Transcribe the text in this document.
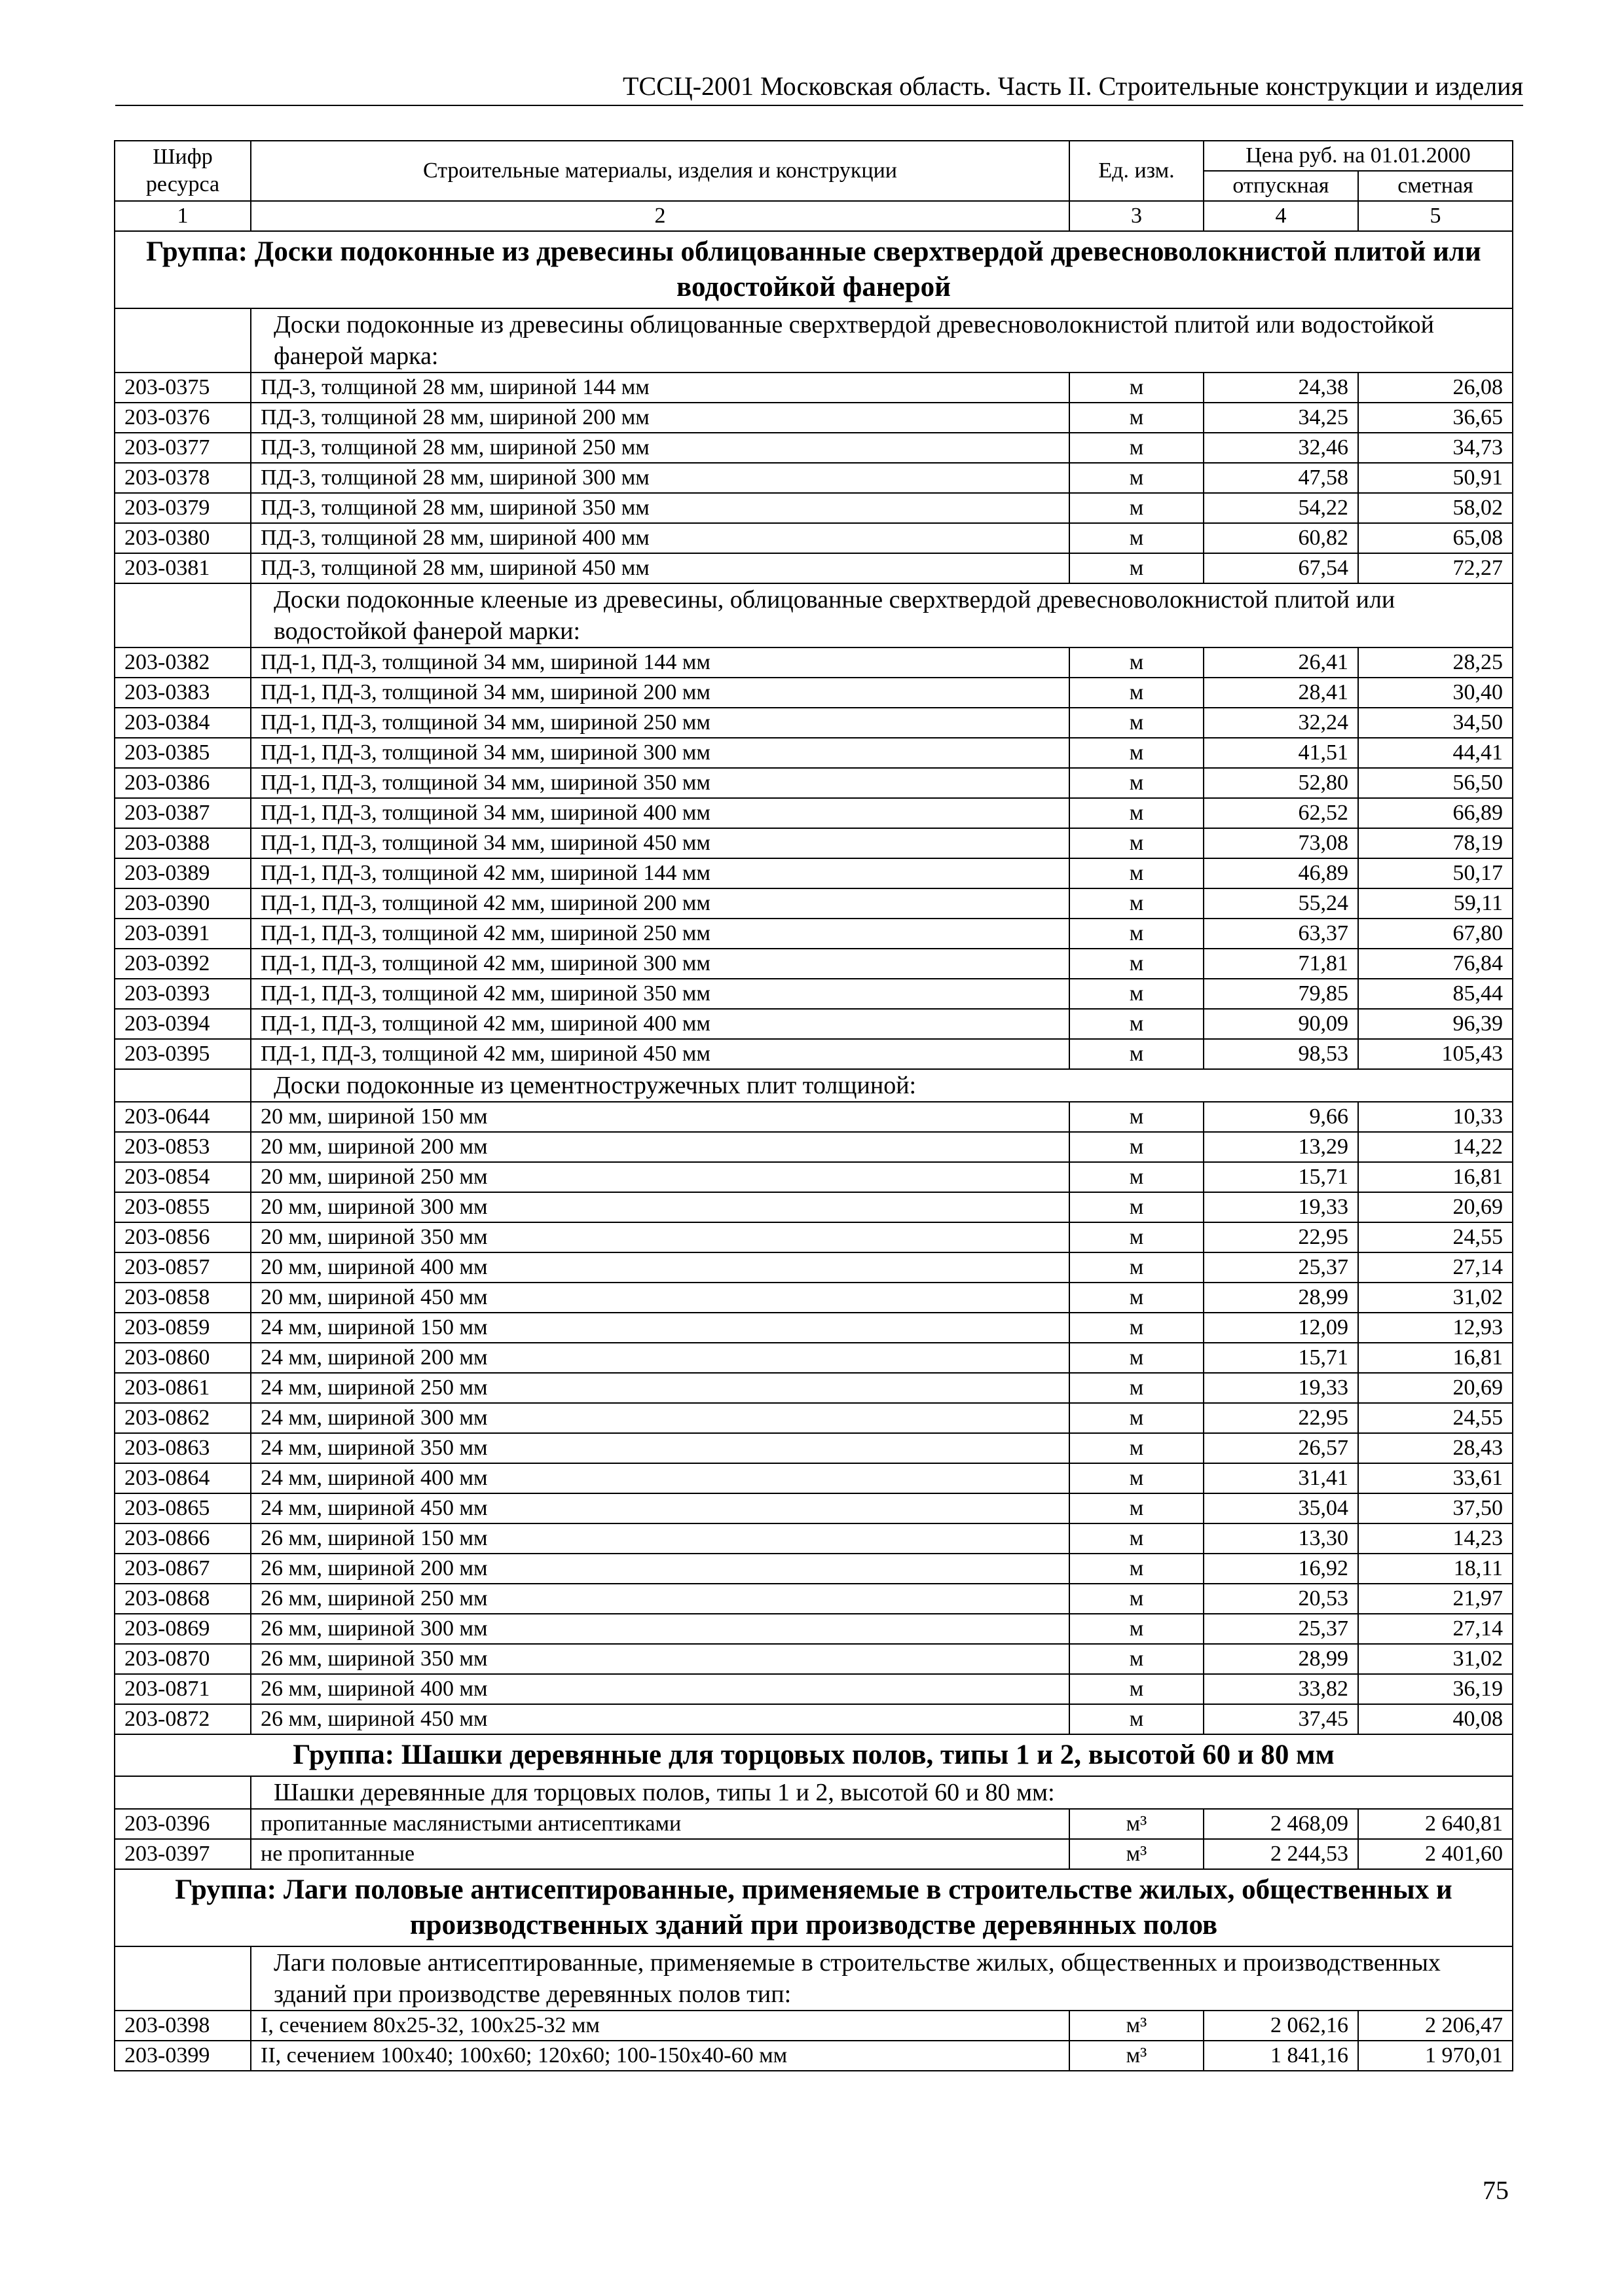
ТССЦ-2001 Московская область. Часть II. Строительные конструкции и изделия
Шифр ресурса	Строительные материалы, изделия и конструкции	Ед. изм.	Цена руб. на 01.01.2000	
			отпускная	сметная
1	2	3	4	5
Группа: Доски подоконные из древесины облицованные сверхтвердой древесноволокнистой плитой или водостойкой фанерой				
	Доски подоконные из древесины облицованные сверхтвердой древесноволокнистой плитой или водостойкой фанерой марка:			
203-0375	ПД-3, толщиной 28 мм, шириной 144 мм	м	24,38	26,08
203-0376	ПД-3, толщиной 28 мм, шириной 200 мм	м	34,25	36,65
203-0377	ПД-3, толщиной 28 мм, шириной 250 мм	м	32,46	34,73
203-0378	ПД-3, толщиной 28 мм, шириной 300 мм	м	47,58	50,91
203-0379	ПД-3, толщиной 28 мм, шириной 350 мм	м	54,22	58,02
203-0380	ПД-3, толщиной 28 мм, шириной 400 мм	м	60,82	65,08
203-0381	ПД-3, толщиной 28 мм, шириной 450 мм	м	67,54	72,27
	Доски подоконные клееные из древесины, облицованные сверхтвердой древесноволокнистой плитой или водостойкой фанерой марки:			
203-0382	ПД-1, ПД-3, толщиной 34 мм, шириной 144 мм	м	26,41	28,25
203-0383	ПД-1, ПД-3, толщиной 34 мм, шириной 200 мм	м	28,41	30,40
203-0384	ПД-1, ПД-3, толщиной 34 мм, шириной 250 мм	м	32,24	34,50
203-0385	ПД-1, ПД-3, толщиной 34 мм, шириной 300 мм	м	41,51	44,41
203-0386	ПД-1, ПД-3, толщиной 34 мм, шириной 350 мм	м	52,80	56,50
203-0387	ПД-1, ПД-3, толщиной 34 мм, шириной 400 мм	м	62,52	66,89
203-0388	ПД-1, ПД-3, толщиной 34 мм, шириной 450 мм	м	73,08	78,19
203-0389	ПД-1, ПД-3, толщиной 42 мм, шириной 144 мм	м	46,89	50,17
203-0390	ПД-1, ПД-3, толщиной 42 мм, шириной 200 мм	м	55,24	59,11
203-0391	ПД-1, ПД-3, толщиной 42 мм, шириной 250 мм	м	63,37	67,80
203-0392	ПД-1, ПД-3, толщиной 42 мм, шириной 300 мм	м	71,81	76,84
203-0393	ПД-1, ПД-3, толщиной 42 мм, шириной 350 мм	м	79,85	85,44
203-0394	ПД-1, ПД-3, толщиной 42 мм, шириной 400 мм	м	90,09	96,39
203-0395	ПД-1, ПД-3, толщиной 42 мм, шириной 450 мм	м	98,53	105,43
	Доски подоконные из цементностружечных плит толщиной:			
203-0644	20 мм, шириной 150 мм	м	9,66	10,33
203-0853	20 мм, шириной 200 мм	м	13,29	14,22
203-0854	20 мм, шириной 250 мм	м	15,71	16,81
203-0855	20 мм, шириной 300 мм	м	19,33	20,69
203-0856	20 мм, шириной 350 мм	м	22,95	24,55
203-0857	20 мм, шириной 400 мм	м	25,37	27,14
203-0858	20 мм, шириной 450 мм	м	28,99	31,02
203-0859	24 мм, шириной 150 мм	м	12,09	12,93
203-0860	24 мм, шириной 200 мм	м	15,71	16,81
203-0861	24 мм, шириной 250 мм	м	19,33	20,69
203-0862	24 мм, шириной 300 мм	м	22,95	24,55
203-0863	24 мм, шириной 350 мм	м	26,57	28,43
203-0864	24 мм, шириной 400 мм	м	31,41	33,61
203-0865	24 мм, шириной 450 мм	м	35,04	37,50
203-0866	26 мм, шириной 150 мм	м	13,30	14,23
203-0867	26 мм, шириной 200 мм	м	16,92	18,11
203-0868	26 мм, шириной 250 мм	м	20,53	21,97
203-0869	26 мм, шириной 300 мм	м	25,37	27,14
203-0870	26 мм, шириной 350 мм	м	28,99	31,02
203-0871	26 мм, шириной 400 мм	м	33,82	36,19
203-0872	26 мм, шириной 450 мм	м	37,45	40,08
Группа: Шашки деревянные для торцовых полов, типы 1 и 2, высотой 60 и 80 мм				
	Шашки деревянные для торцовых полов, типы 1 и 2, высотой 60 и 80 мм:			
203-0396	пропитанные маслянистыми антисептиками	м³	2 468,09	2 640,81
203-0397	не пропитанные	м³	2 244,53	2 401,60
Группа: Лаги половые антисептированные, применяемые в строительстве жилых, общественных и производственных зданий при производстве деревянных полов				
	Лаги половые антисептированные, применяемые в строительстве жилых, общественных и производственных зданий при производстве деревянных полов тип:			
203-0398	I, сечением 80x25-32, 100x25-32 мм	м³	2 062,16	2 206,47
203-0399	II, сечением 100x40; 100x60; 120x60; 100-150x40-60 мм	м³	1 841,16	1 970,01
75
